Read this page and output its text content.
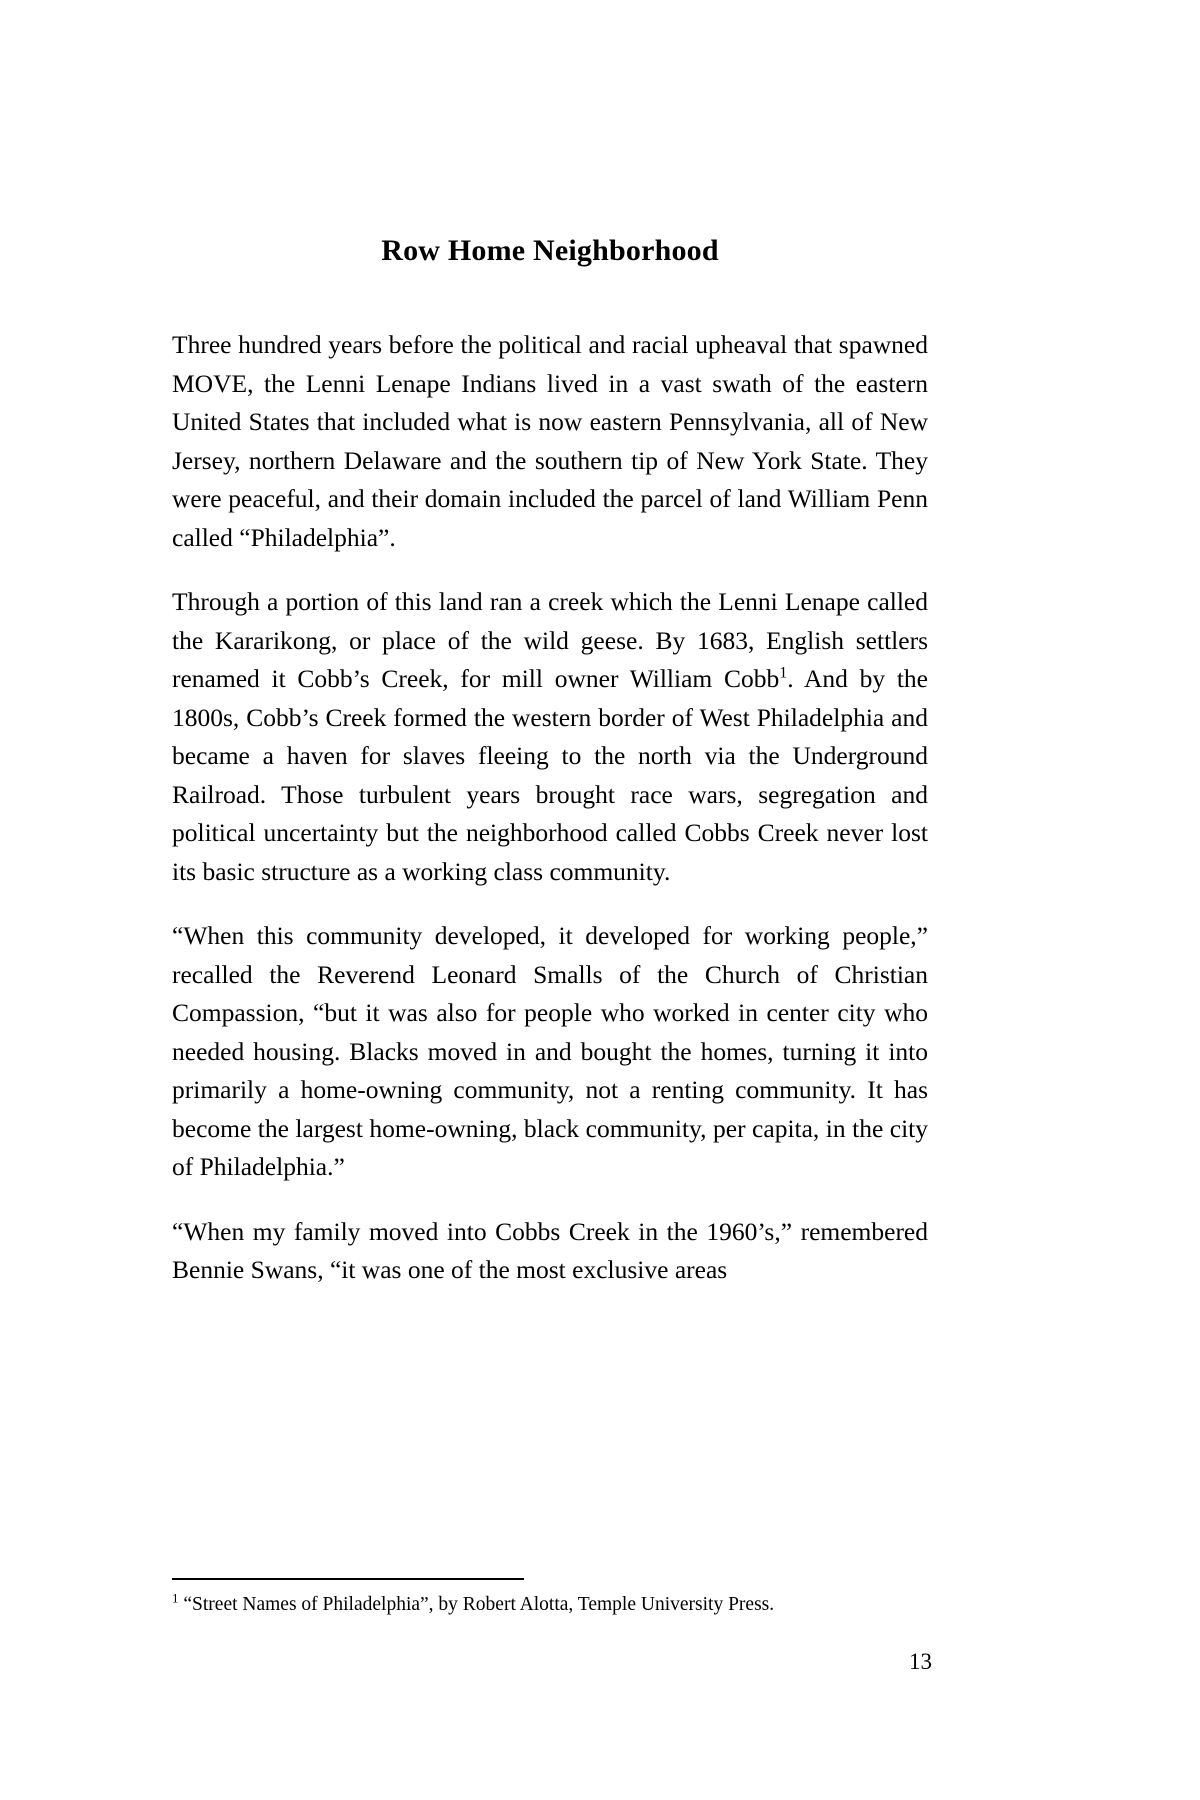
Row Home Neighborhood

Three hundred years before the political and racial upheaval that spawned MOVE, the Lenni Lenape Indians lived in a vast swath of the eastern United States that included what is now eastern Pennsylvania, all of New Jersey, northern Delaware and the southern tip of New York State. They were peaceful, and their domain included the parcel of land William Penn called “Philadelphia”.

Through a portion of this land ran a creek which the Lenni Lenape called the Kararikong, or place of the wild geese. By 1683, English settlers renamed it Cobb’s Creek, for mill owner William Cobb$^1$. And by the 1800s, Cobb’s Creek formed the western border of West Philadelphia and became a haven for slaves fleeing to the north via the Underground Railroad. Those turbulent years brought race wars, segregation and political uncertainty but the neighborhood called Cobbs Creek never lost its basic structure as a working class community.

“When this community developed, it developed for working people,” recalled the Reverend Leonard Smalls of the Church of Christian Compassion, “but it was also for people who worked in center city who needed housing. Blacks moved in and bought the homes, turning it into primarily a home-owning community, not a renting community. It has become the largest home-owning, black community, per capita, in the city of Philadelphia.”

“When my family moved into Cobbs Creek in the 1960’s,” remembered Bennie Swans, “it was one of the most exclusive areas

$^1$ “Street Names of Philadelphia”, by Robert Alotta, Temple University Press.

13
